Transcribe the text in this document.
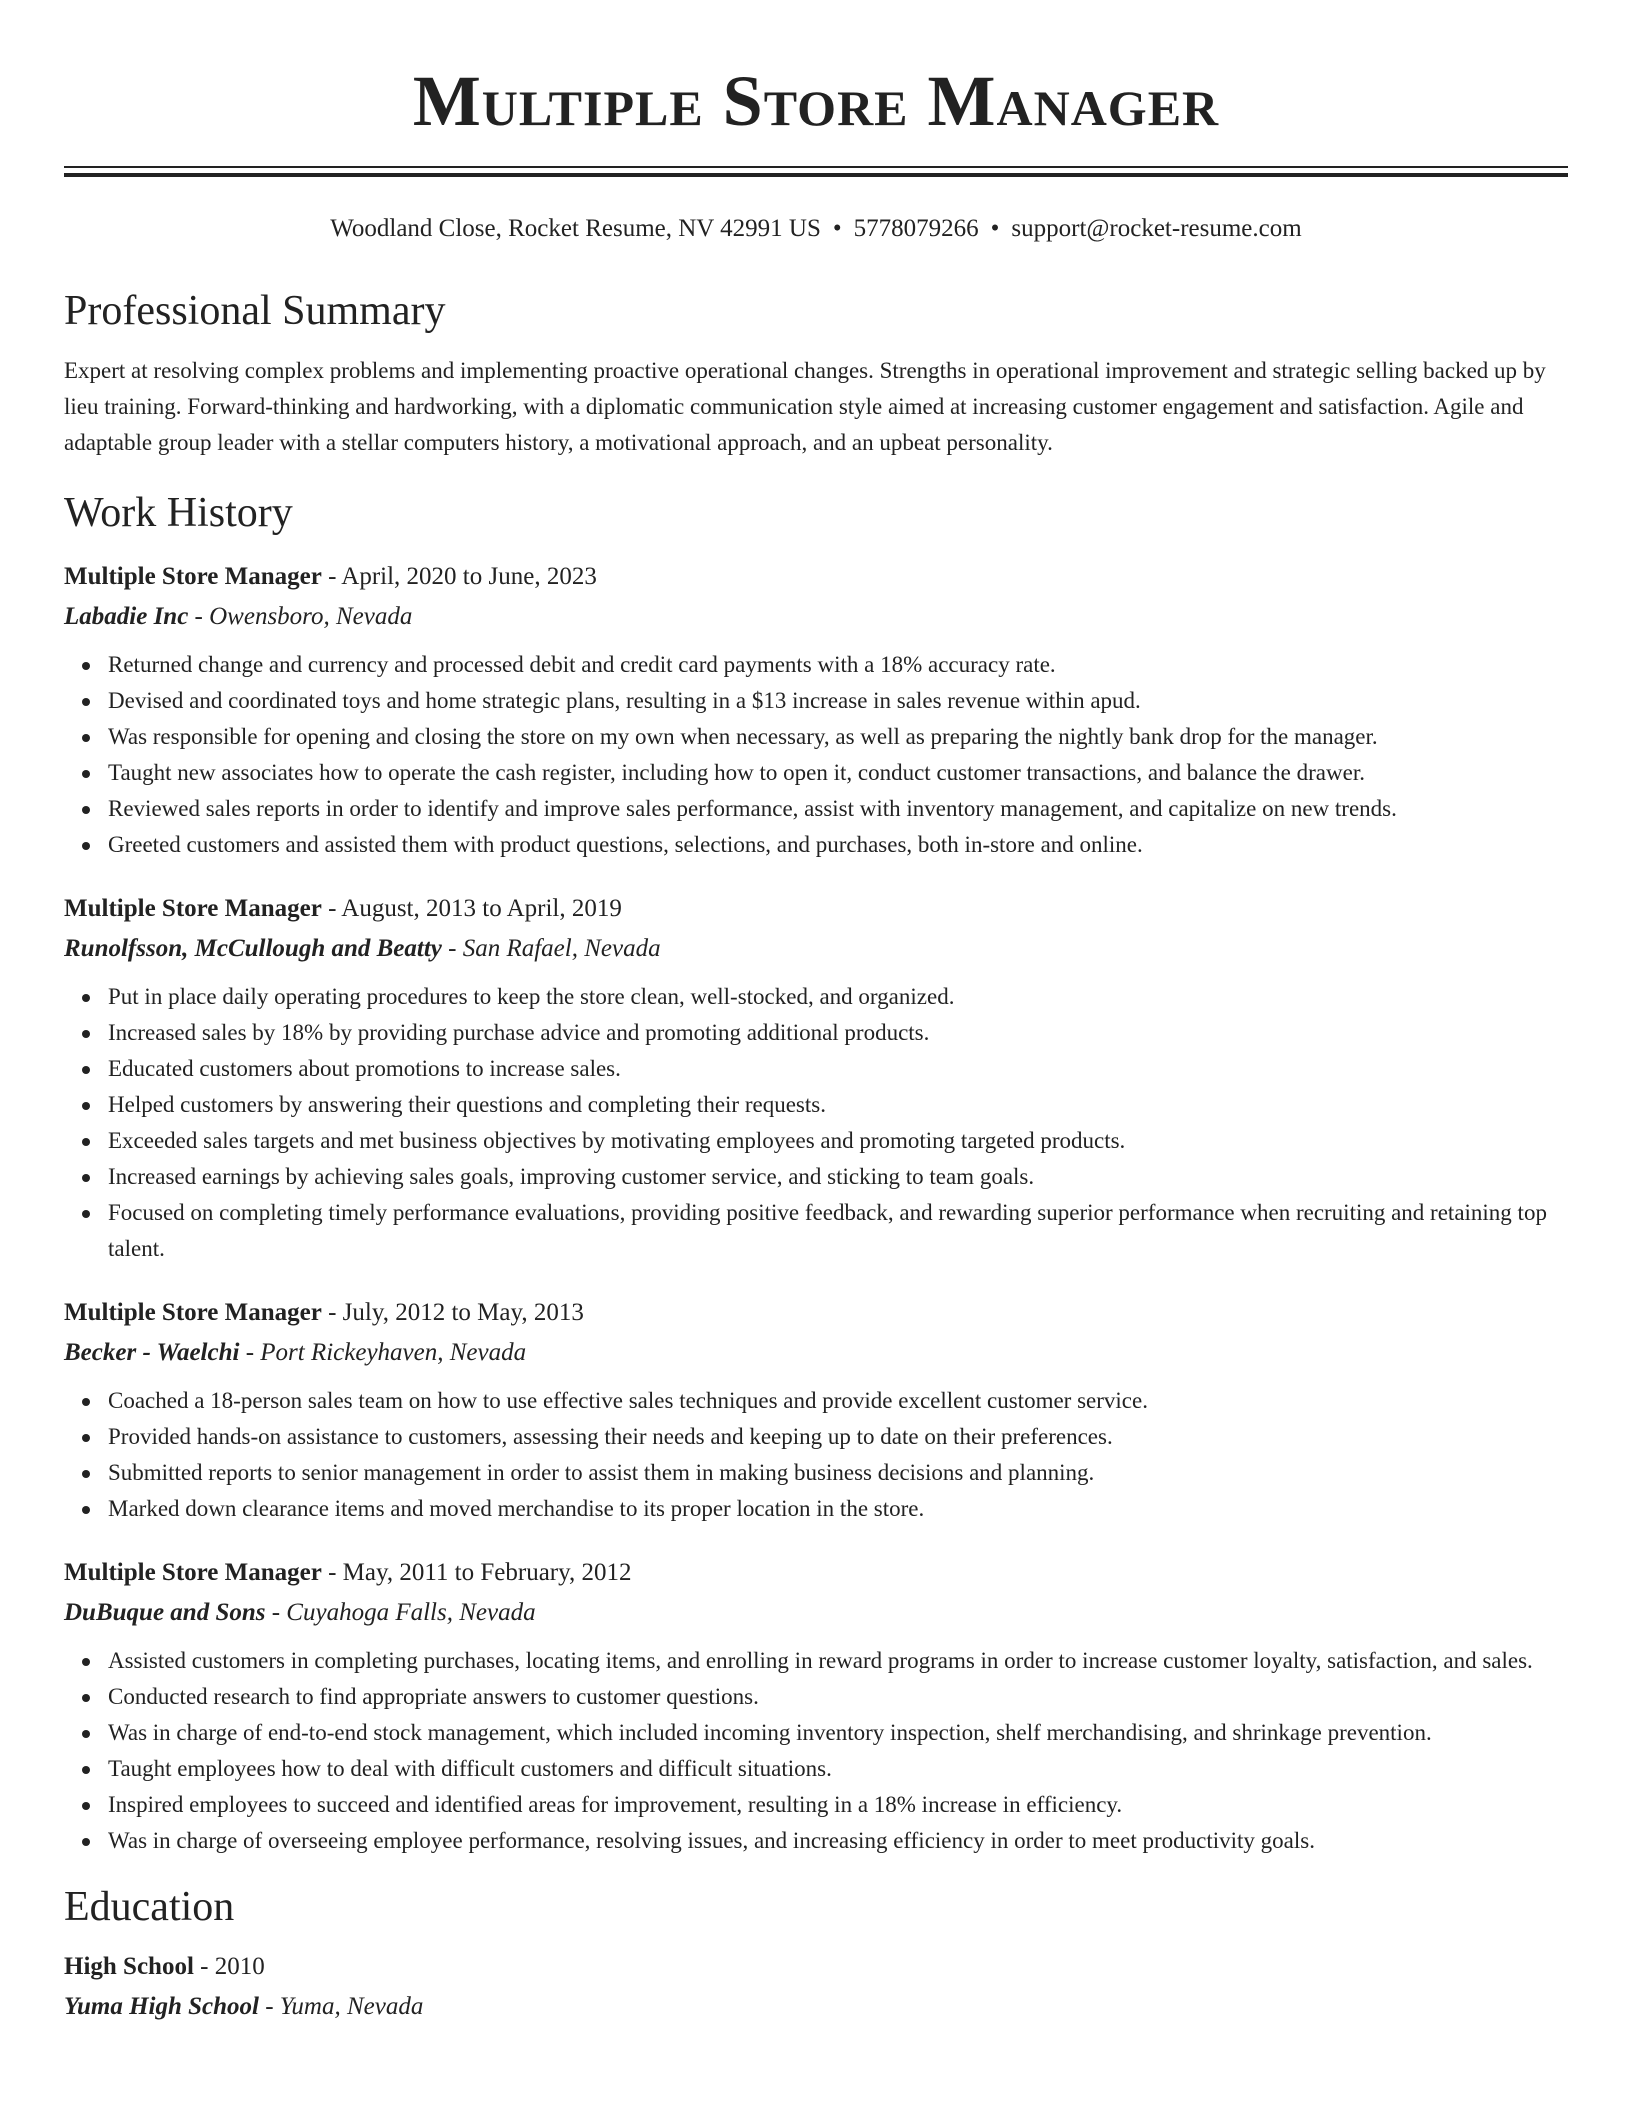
Multiple Store Manager
Woodland Close, Rocket Resume, NV 42991 US • 5778079266 • support@rocket-resume.com
Professional Summary
Expert at resolving complex problems and implementing proactive operational changes. Strengths in operational improvement and strategic selling backed up by lieu training. Forward-thinking and hardworking, with a diplomatic communication style aimed at increasing customer engagement and satisfaction. Agile and adaptable group leader with a stellar computers history, a motivational approach, and an upbeat personality.
Work History
Multiple Store Manager - April, 2020 to June, 2023
Labadie Inc - Owensboro, Nevada
Returned change and currency and processed debit and credit card payments with a 18% accuracy rate.
Devised and coordinated toys and home strategic plans, resulting in a $13 increase in sales revenue within apud.
Was responsible for opening and closing the store on my own when necessary, as well as preparing the nightly bank drop for the manager.
Taught new associates how to operate the cash register, including how to open it, conduct customer transactions, and balance the drawer.
Reviewed sales reports in order to identify and improve sales performance, assist with inventory management, and capitalize on new trends.
Greeted customers and assisted them with product questions, selections, and purchases, both in-store and online.
Multiple Store Manager - August, 2013 to April, 2019
Runolfsson, McCullough and Beatty - San Rafael, Nevada
Put in place daily operating procedures to keep the store clean, well-stocked, and organized.
Increased sales by 18% by providing purchase advice and promoting additional products.
Educated customers about promotions to increase sales.
Helped customers by answering their questions and completing their requests.
Exceeded sales targets and met business objectives by motivating employees and promoting targeted products.
Increased earnings by achieving sales goals, improving customer service, and sticking to team goals.
Focused on completing timely performance evaluations, providing positive feedback, and rewarding superior performance when recruiting and retaining top talent.
Multiple Store Manager - July, 2012 to May, 2013
Becker - Waelchi - Port Rickeyhaven, Nevada
Coached a 18-person sales team on how to use effective sales techniques and provide excellent customer service.
Provided hands-on assistance to customers, assessing their needs and keeping up to date on their preferences.
Submitted reports to senior management in order to assist them in making business decisions and planning.
Marked down clearance items and moved merchandise to its proper location in the store.
Multiple Store Manager - May, 2011 to February, 2012
DuBuque and Sons - Cuyahoga Falls, Nevada
Assisted customers in completing purchases, locating items, and enrolling in reward programs in order to increase customer loyalty, satisfaction, and sales.
Conducted research to find appropriate answers to customer questions.
Was in charge of end-to-end stock management, which included incoming inventory inspection, shelf merchandising, and shrinkage prevention.
Taught employees how to deal with difficult customers and difficult situations.
Inspired employees to succeed and identified areas for improvement, resulting in a 18% increase in efficiency.
Was in charge of overseeing employee performance, resolving issues, and increasing efficiency in order to meet productivity goals.
Education
High School - 2010
Yuma High School - Yuma, Nevada
